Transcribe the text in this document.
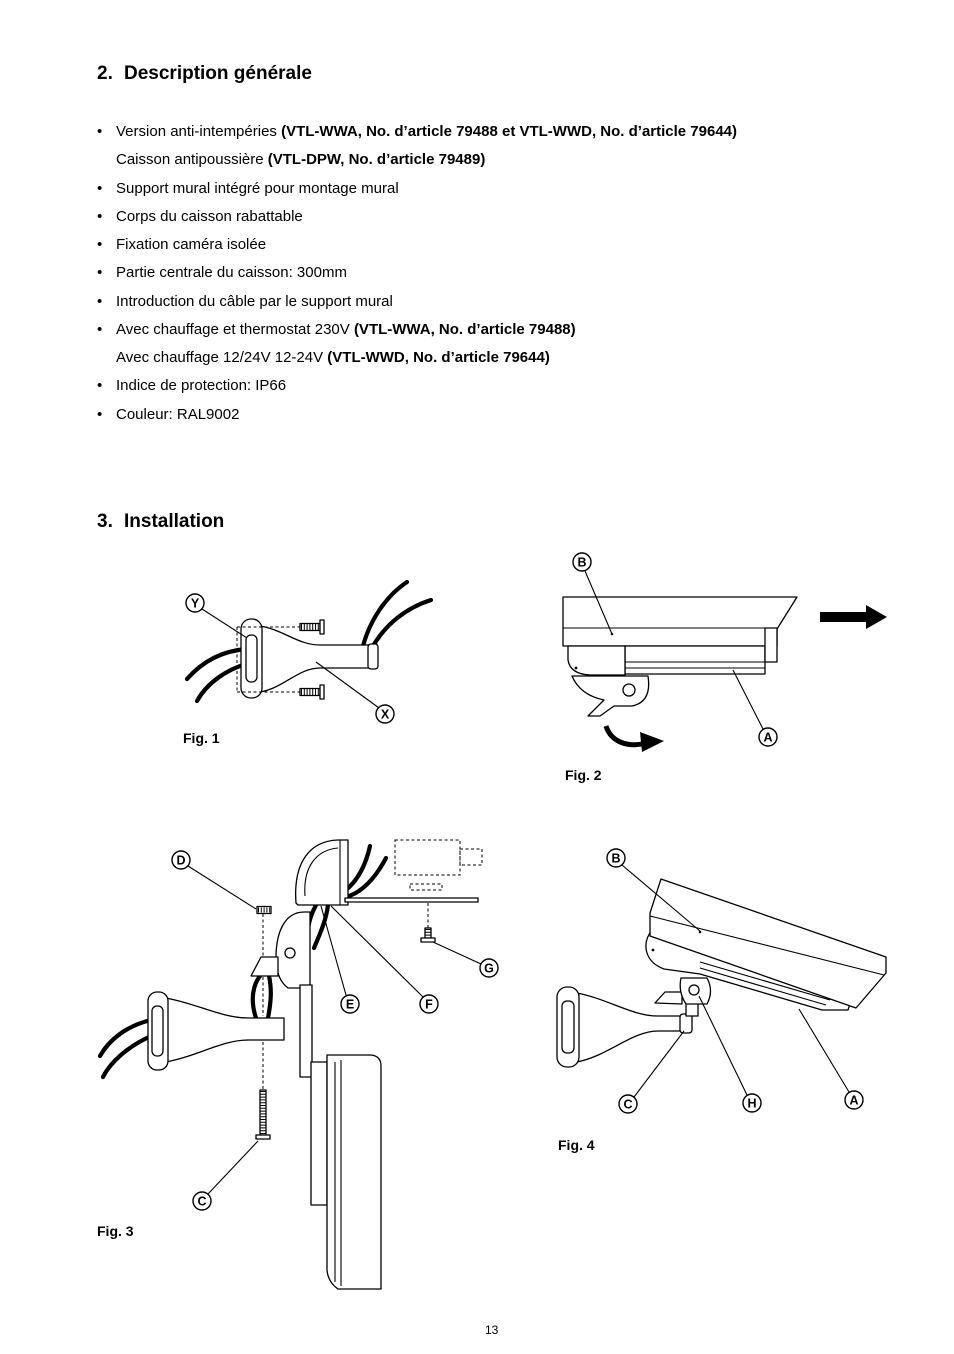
2. Description générale
• Version anti-intempéries (VTL-WWA, No. d’article 79488 et VTL-WWD, No. d’article 79644)
Caisson antipoussière (VTL-DPW, No. d’article 79489)
• Support mural intégré pour montage mural
• Corps du caisson rabattable
• Fixation caméra isolée
• Partie centrale du caisson: 300mm
• Introduction du câble par le support mural
• Avec chauffage et thermostat 230V (VTL-WWA, No. d’article 79488)
Avec chauffage 12/24V 12-24V (VTL-WWD, No. d’article 79644)
• Indice de protection: IP66
• Couleur: RAL9002
3. Installation
Y
X
B
A
D
E	F
G
C
B
C	H	A
Fig. 1
Fig. 2
Fig. 3
Fig. 4
13
